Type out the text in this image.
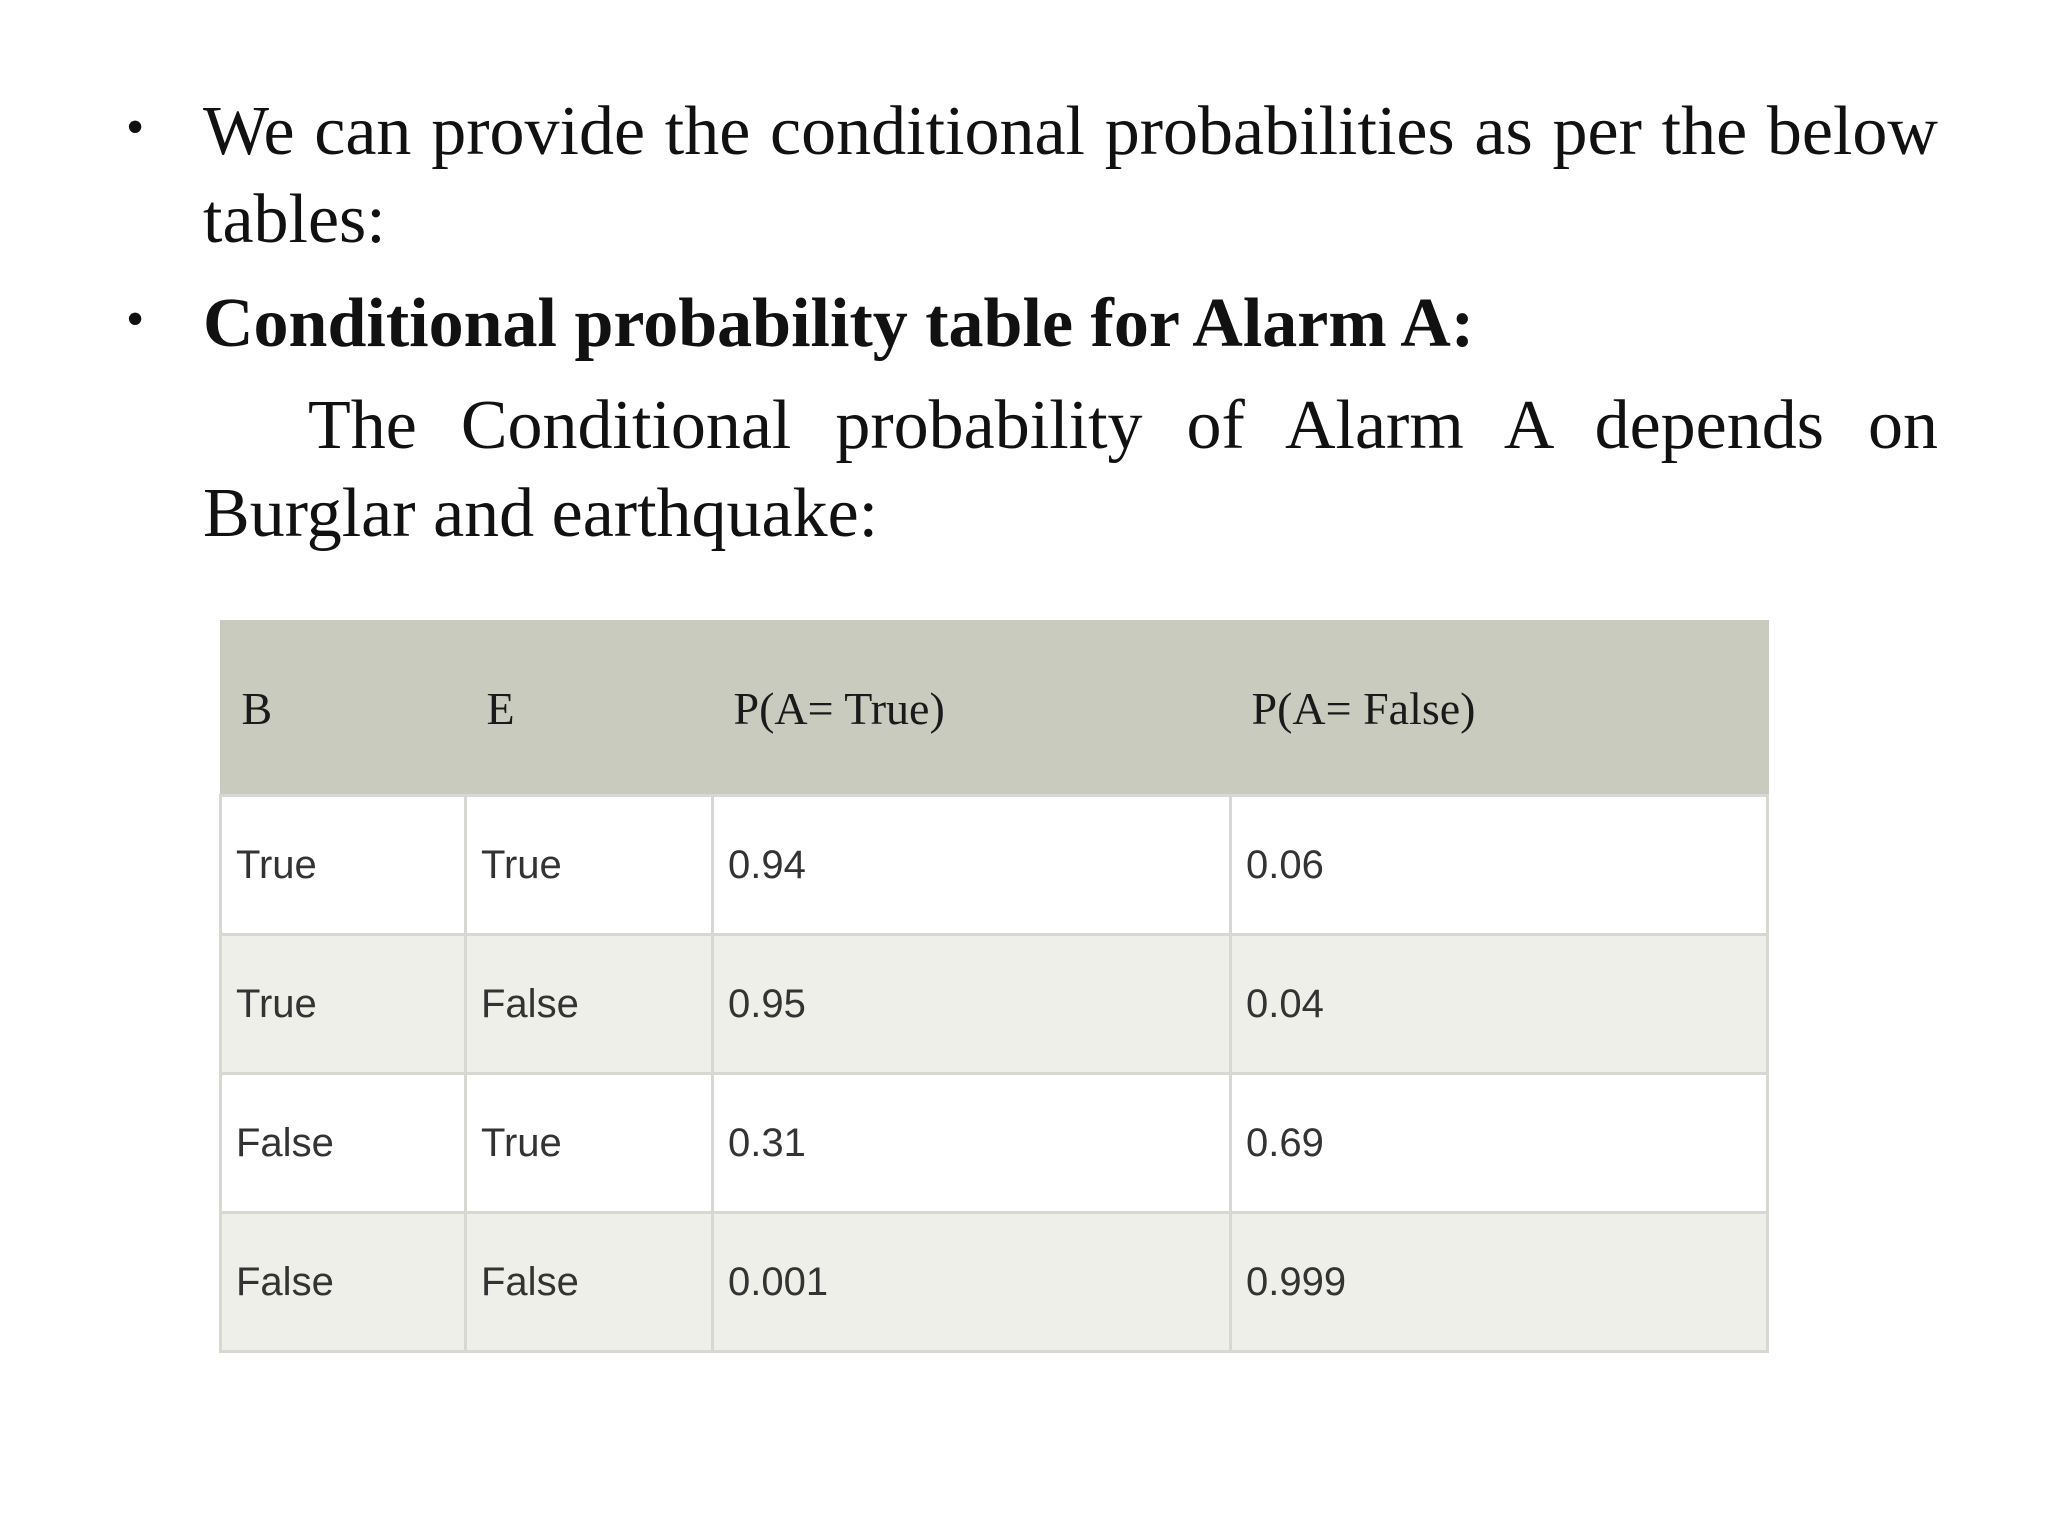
• We can provide the conditional probabilities as per the below tables:
• Conditional probability table for Alarm A:
The Conditional probability of Alarm A depends on Burglar and earthquake:
B	E	P(A= True)	P(A= False)
True	True	0.94	0.06
True	False	0.95	0.04
False	True	0.31	0.69
False	False	0.001	0.999
